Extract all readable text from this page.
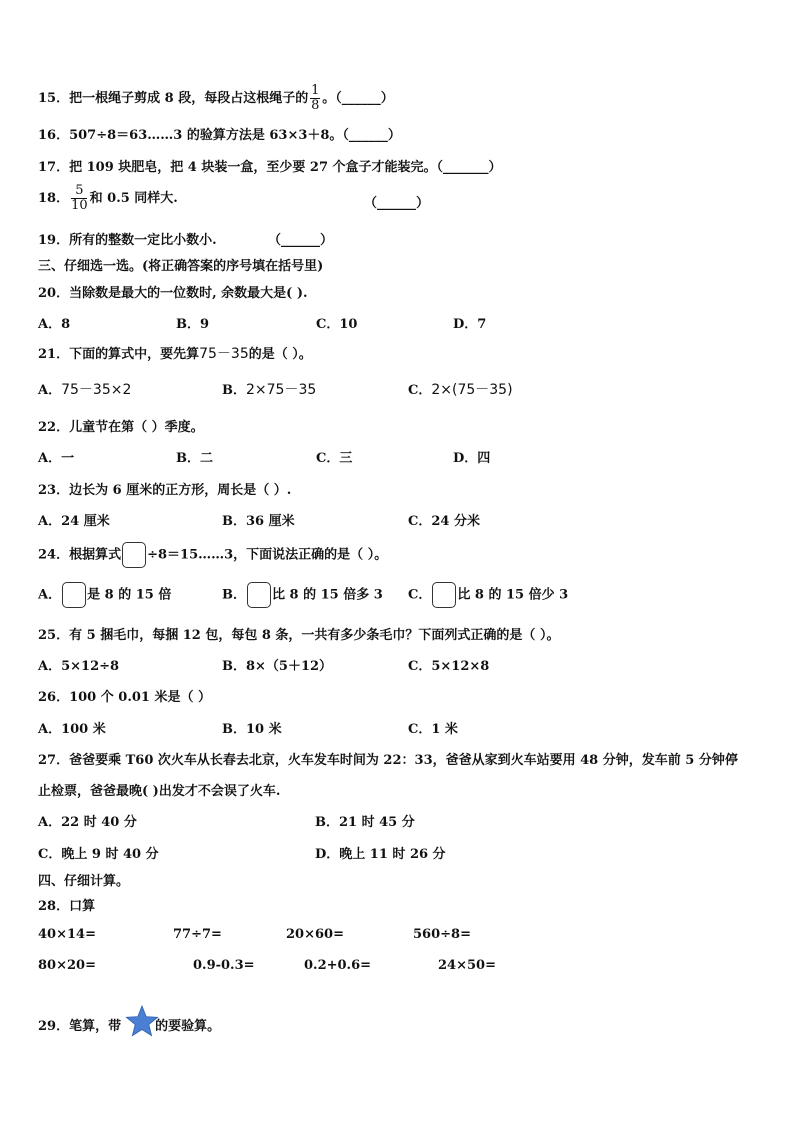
15．把一根绳子剪成 8 段，每段占这根绳子的 $\frac{1}{8}$ 。（______）
16．507÷8＝63……3 的验算方法是 63×3＋8。（______）
17．把 109 块肥皂，把 4 块装一盒，至少要 27 个盒子才能装完。（_______）
18． $\frac{5}{10}$ 和 0.5 同样大.	（______）
19．所有的整数一定比小数小.	（______）
三、仔细选一选。(将正确答案的序号填在括号里)
20．当除数是最大的一位数时, 余数最大是( ).
A．8	B．9	C．10	D．7
21．下面的算式中，要先算75－35的是（ ）。
A．75－35×2	B．2×75－35	C．2×(75－35)
22．儿童节在第（ ）季度。
A．一	B．二	C．三	D．四
23．边长为 6 厘米的正方形，周长是（ ）.
A．24 厘米	B．36 厘米	C．24 分米
24．根据算式 ÷8＝15……3，下面说法正确的是（ ）。
A． 是 8 的 15 倍	B． 比 8 的 15 倍多 3 C． 比 8 的 15 倍少 3
25．有 5 捆毛巾，每捆 12 包，每包 8 条，一共有多少条毛巾？下面列式正确的是（ ）。
A．5×12÷8	B．8×（5＋12）	C．5×12×8
26．100 个 0.01 米是（ ）
A．100 米	B．10 米	C．1 米
27．爸爸要乘 T60 次火车从长春去北京，火车发车时间为 22：33，爸爸从家到火车站要用 48 分钟，发车前 5 分钟停
止检票，爸爸最晚( )出发才不会误了火车.
A．22 时 40 分	B．21 时 45 分
C．晚上 9 时 40 分	D．晚上 11 时 26 分
四、仔细计算。
28．口算
40×14=	77÷7=	20×60=	560÷8=
80×20=	0.9-0.3=	0.2+0.6=	24×50=
29．笔算，带	的要验算。
